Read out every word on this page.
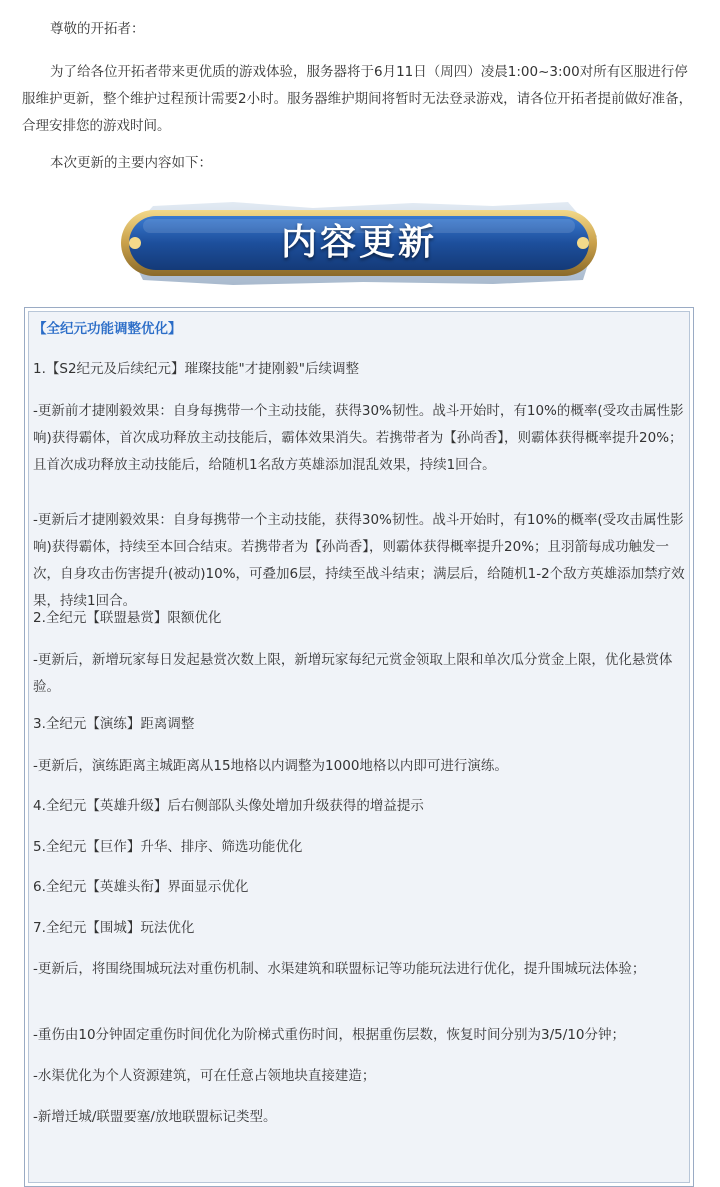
尊敬的开拓者：

为了给各位开拓者带来更优质的游戏体验，服务器将于6月11日（周四）凌晨1:00~3:00对所有区服进行停服维护更新，整个维护过程预计需要2小时。服务器维护期间将暂时无法登录游戏，请各位开拓者提前做好准备，合理安排您的游戏时间。

本次更新的主要内容如下：

内容更新

【全纪元功能调整优化】

1.【S2纪元及后续纪元】璀璨技能"才捷刚毅"后续调整

-更新前才捷刚毅效果：自身每携带一个主动技能，获得30%韧性。战斗开始时，有10%的概率(受攻击属性影响)获得霸体，首次成功释放主动技能后，霸体效果消失。若携带者为【孙尚香】，则霸体获得概率提升20%；且首次成功释放主动技能后，给随机1名敌方英雄添加混乱效果，持续1回合。

-更新后才捷刚毅效果：自身每携带一个主动技能，获得30%韧性。战斗开始时，有10%的概率(受攻击属性影响)获得霸体，持续至本回合结束。若携带者为【孙尚香】，则霸体获得概率提升20%；且羽箭每成功触发一次，自身攻击伤害提升(被动)10%，可叠加6层，持续至战斗结束；满层后，给随机1-2个敌方英雄添加禁疗效果，持续1回合。

2.全纪元【联盟悬赏】限额优化

-更新后，新增玩家每日发起悬赏次数上限，新增玩家每纪元赏金领取上限和单次瓜分赏金上限，优化悬赏体验。

3.全纪元【演练】距离调整

-更新后，演练距离主城距离从15地格以内调整为1000地格以内即可进行演练。

4.全纪元【英雄升级】后右侧部队头像处增加升级获得的增益提示

5.全纪元【巨作】升华、排序、筛选功能优化

6.全纪元【英雄头衔】界面显示优化

7.全纪元【围城】玩法优化

-更新后，将围绕围城玩法对重伤机制、水渠建筑和联盟标记等功能玩法进行优化，提升围城玩法体验；

-重伤由10分钟固定重伤时间优化为阶梯式重伤时间，根据重伤层数，恢复时间分别为3/5/10分钟；

-水渠优化为个人资源建筑，可在任意占领地块直接建造；

-新增迁城/联盟要塞/放地联盟标记类型。
